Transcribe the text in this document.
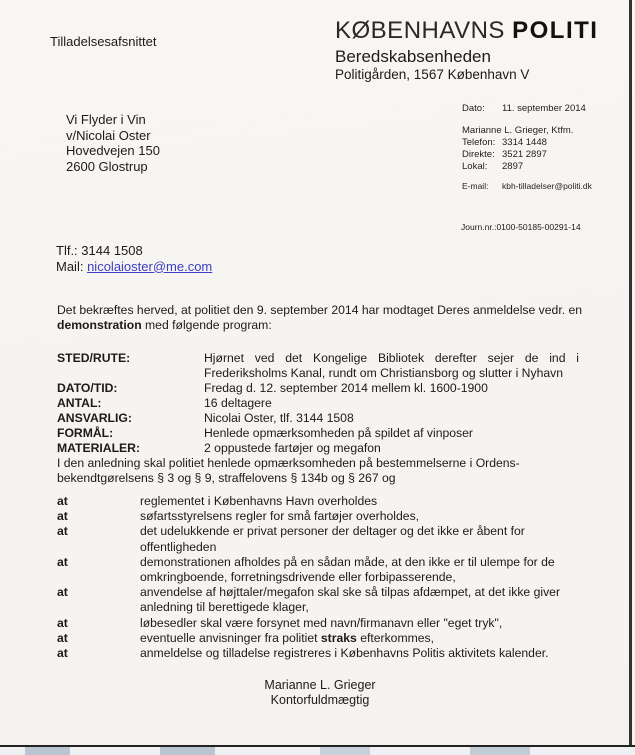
Tilladelsesafsnittet	KØBENHAVNS POLITI
Beredskabsenheden
Politigården, 1567 København V
Vi Flyder i Vin
v/Nicolai Oster
Hovedvejen 150
2600 Glostrup
Tlf.: 3144 1508
Mail: nicolaioster@me.com
Dato:	11. september 2014
Marianne L. Grieger, Ktfm.
Telefon: 3314 1448
Direkte: 3521 2897
Lokal:	2897
E-mail:	kbh-tilladelser@politi.dk
Journ.nr.:0100-50185-00291-14
Det bekræftes herved, at politiet den 9. september 2014 har modtaget Deres anmeldelse vedr. en
demonstration med følgende program:
STED/RUTE:	Hjørnet ved det Kongelige Bibliotek derefter sejer de ind i Frederiksholms Kanal, rundt om Christiansborg og slutter i Nyhavn
DATO/TID:	Fredag d. 12. september 2014 mellem kl. 1600-1900
ANTAL:	16 deltagere
ANSVARLIG:	Nicolai Oster, tlf. 3144 1508
FORMÅL:	Henlede opmærksomheden på spildet af vinposer
MATERIALER:	2 oppustede fartøjer og megafon
I den anledning skal politiet henlede opmærksomheden på bestemmelserne i Ordens-
bekendtgørelsens § 3 og § 9, straffelovens § 134b og § 267 og
at	reglementet i Københavns Havn overholdes
at	søfartsstyrelsens regler for små fartøjer overholdes,
at	det udelukkende er privat personer der deltager og det ikke er åbent for offentligheden
at	demonstrationen afholdes på en sådan måde, at den ikke er til ulempe for de omkringboende, forretningsdrivende eller forbipasserende,
at	anvendelse af højttaler/megafon skal ske så tilpas afdæmpet, at det ikke giver anledning til berettigede klager,
at	løbesedler skal være forsynet med navn/firmanavn eller "eget tryk",
at	eventuelle anvisninger fra politiet straks efterkommes,
at	anmeldelse og tilladelse registreres i Københavns Politis aktivitets kalender.
Marianne L. Grieger
Kontorfuldmægtig
